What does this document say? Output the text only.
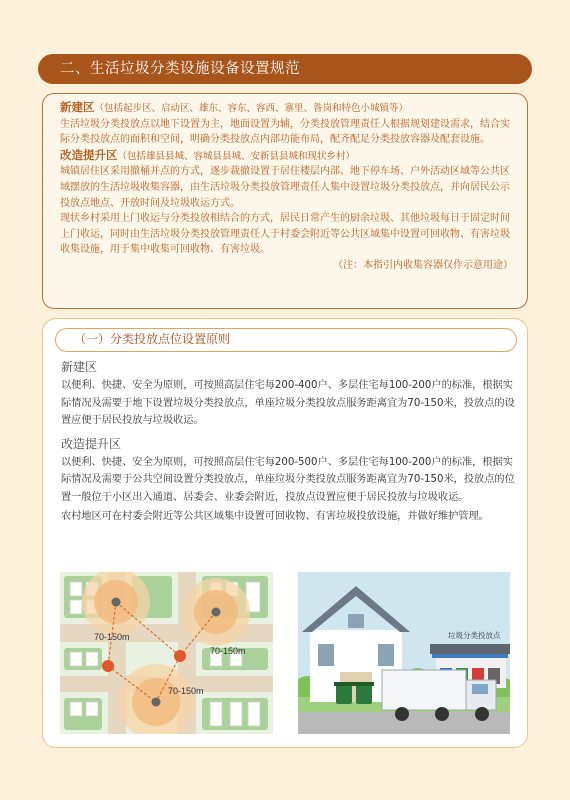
二、生活垃圾分类设施设备设置规范

新建区（包括起步区、启动区、雄东、容东、容西、寨里、昝岗和特色小城镇等）

生活垃圾分类投放点以地下设置为主，地面设置为辅，分类投放管理责任人根据规划建设需求，结合实际分类投放点的面积和空间，明确分类投放点内部功能布局，配齐配足分类投放容器及配套设施。

改造提升区（包括雄县县城、容城县县城、安新县县城和现状乡村）

城镇居住区采用撤桶并点的方式，逐步裁撤设置于居住楼层内部、地下停车场、户外活动区域等公共区域摆放的生活垃圾收集容器，由生活垃圾分类投放管理责任人集中设置垃圾分类投放点，并向居民公示投放点地点、开放时间及垃圾收运方式。

现状乡村采用上门收运与分类投放相结合的方式，居民日常产生的厨余垃圾、其他垃圾每日于固定时间上门收运，同时由生活垃圾分类投放管理责任人于村委会附近等公共区域集中设置可回收物、有害垃圾收集设施，用于集中收集可回收物、有害垃圾。

（注：本指引内收集容器仅作示意用途）

（一）分类投放点位设置原则
新建区

以便利、快捷、安全为原则，可按照高层住宅每200-400户、多层住宅每100-200户的标准，根据实际情况及需要于地下设置垃圾分类投放点，单座垃圾分类投放点服务距离宜为70-150米，投放点的设置应便于居民投放与垃圾收运。

改造提升区

以便利、快捷、安全为原则，可按照高层住宅每200-500户、多层住宅每100-200户的标准，根据实际情况及需要于公共空间设置分类投放点，单座垃圾分类投放点服务距离宜为70-150米，投放点的位置一般位于小区出入通道、居委会、业委会附近，投放点设置应便于居民投放与垃圾收运。

农村地区可在村委会附近等公共区域集中设置可回收物、有害垃圾投放设施，并做好维护管理。

70-150m
70-150m
70-150m
垃圾分类投放点
